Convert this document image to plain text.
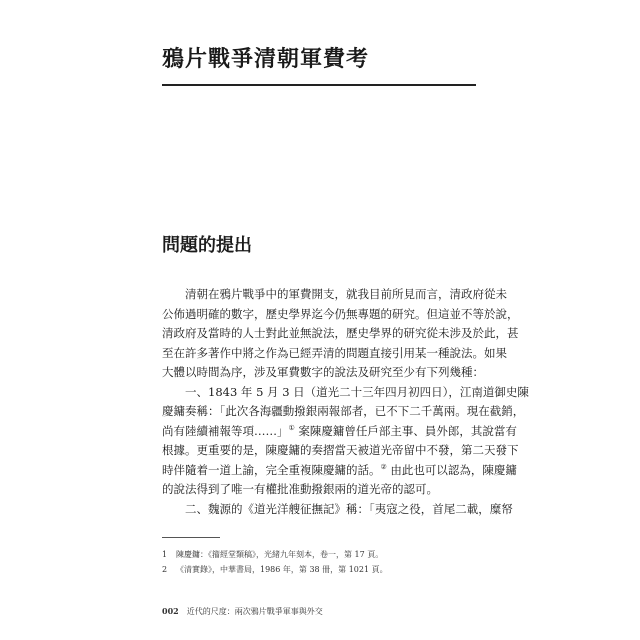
鴉片戰爭清朝軍費考
問題的提出
清朝在鴉片戰爭中的軍費開支，就我目前所見而言，清政府從未
公佈過明確的數字，歷史學界迄今仍無專題的研究。但這並不等於說，
清政府及當時的人士對此並無說法，歷史學界的研究從未涉及於此，甚
至在許多著作中將之作為已經弄清的問題直接引用某一種說法。如果
大體以時間為序，涉及軍費數字的說法及研究至少有下列幾種：
一、1843 年 5 月 3 日（道光二十三年四月初四日），江南道御史陳
慶鏞奏稱：「此次各海疆動撥銀兩報部者，已不下二千萬兩。現在截銷，
尚有陸續補報等項……」① 案陳慶鏞曾任戶部主事、員外郎，其說當有
根據。更重要的是，陳慶鏞的奏摺當天被道光帝留中不發，第二天發下
時伴隨着一道上諭，完全重複陳慶鏞的話。② 由此也可以認為，陳慶鏞
的說法得到了唯一有權批准動撥銀兩的道光帝的認可。
二、魏源的《道光洋艘征撫記》稱：「夷寇之役，首尾二載，糜帑
1 陳慶鏞：《籀經堂類稿》，光緒九年刻本，卷一，第 17 頁。
2 《清實錄》，中華書局，1986 年，第 38 冊，第 1021 頁。
002 近代的尺度：兩次鴉片戰爭軍事與外交
